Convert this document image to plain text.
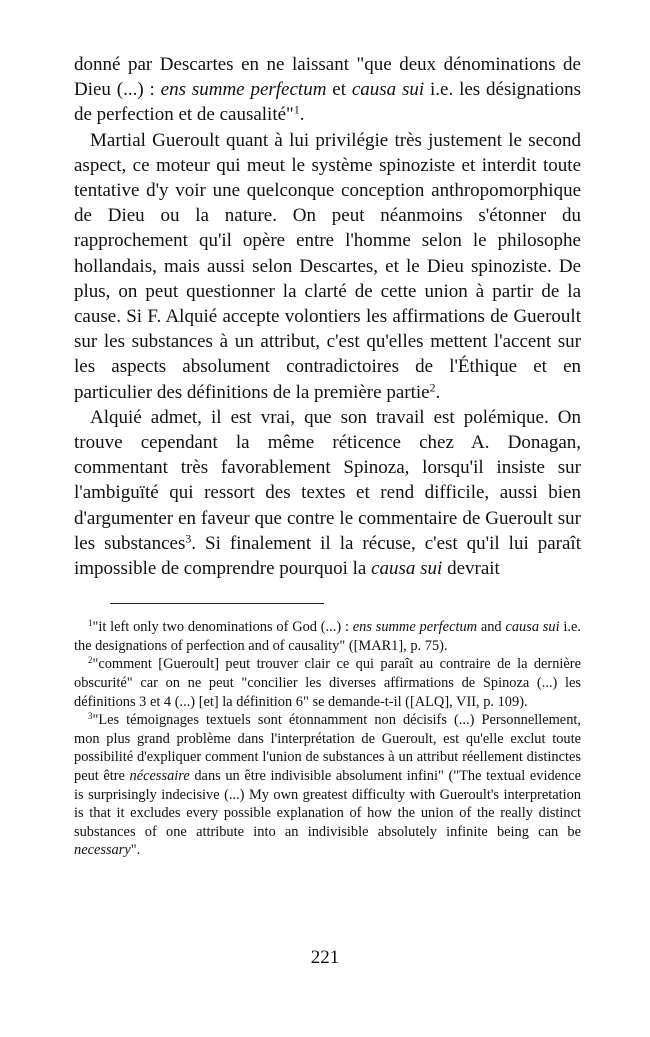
donné par Descartes en ne laissant "que deux dénominations de Dieu (...) : ens summe perfectum et causa sui i.e. les désignations de perfection et de causalité"$^1$.

Martial Gueroult quant à lui privilégie très justement le second aspect, ce moteur qui meut le système spinoziste et interdit toute tentative d'y voir une quelconque conception anthropomorphique de Dieu ou la nature. On peut néanmoins s'étonner du rapprochement qu'il opère entre l'homme selon le philosophe hollandais, mais aussi selon Descartes, et le Dieu spinoziste. De plus, on peut questionner la clarté de cette union à partir de la cause. Si F. Alquié accepte volontiers les affirmations de Gueroult sur les substances à un attribut, c'est qu'elles mettent l'accent sur les aspects absolument contradictoires de l'Éthique et en particulier des définitions de la première partie$^2$.

Alquié admet, il est vrai, que son travail est polémique. On trouve cependant la même réticence chez A. Donagan, commentant très favorablement Spinoza, lorsqu'il insiste sur l'ambiguïté qui ressort des textes et rend difficile, aussi bien d'argumenter en faveur que contre le commentaire de Gueroult sur les substances$^3$. Si finalement il la récuse, c'est qu'il lui paraît impossible de comprendre pourquoi la causa sui devrait

$^1$"it left only two denominations of God (...) : ens summe perfectum and causa sui i.e. the designations of perfection and of causality" ([MAR1], p. 75).

$^2$"comment [Gueroult] peut trouver clair ce qui paraît au contraire de la dernière obscurité" car on ne peut "concilier les diverses affirmations de Spinoza (...) les définitions 3 et 4 (...) [et] la définition 6" se demande-t-il ([ALQ], VII, p. 109).

$^3$"Les témoignages textuels sont étonnamment non décisifs (...) Personnellement, mon plus grand problème dans l'interprétation de Gueroult, est qu'elle exclut toute possibilité d'expliquer comment l'union de substances à un attribut réellement distinctes peut être nécessaire dans un être indivisible absolument infini" ("The textual evidence is surprisingly indecisive (...) My own greatest difficulty with Gueroult's interpretation is that it excludes every possible explanation of how the union of the really distinct substances of one attribute into an indivisible absolutely infinite being can be necessary".

221
